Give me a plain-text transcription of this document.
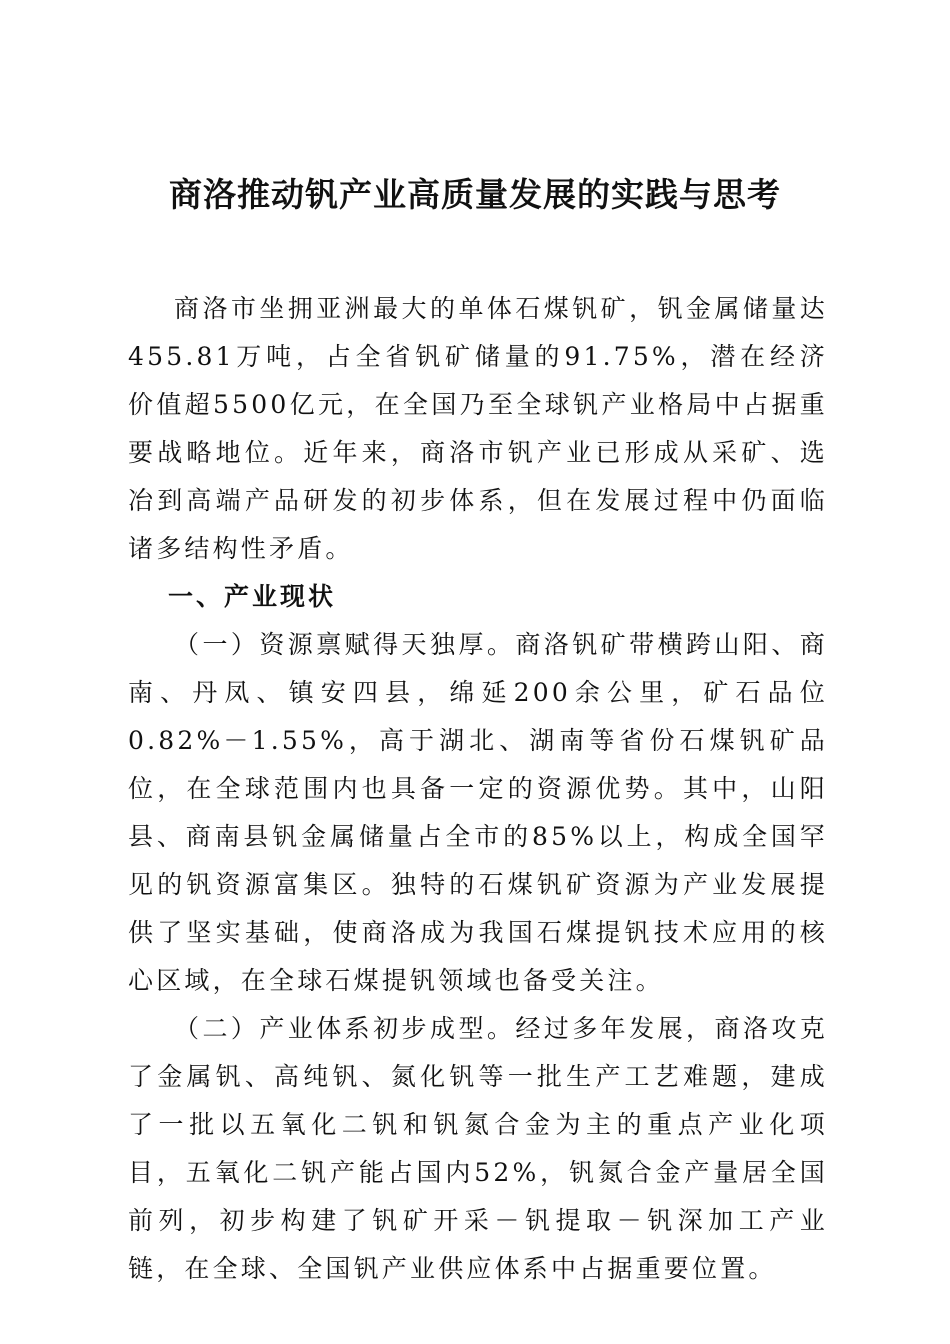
商洛推动钒产业高质量发展的实践与思考

商洛市坐拥亚洲最大的单体石煤钒矿，钒金属储量达455.81万吨，占全省钒矿储量的91.75%，潜在经济价值超5500亿元，在全国乃至全球钒产业格局中占据重要战略地位。近年来，商洛市钒产业已形成从采矿、选冶到高端产品研发的初步体系，但在发展过程中仍面临诸多结构性矛盾。

一、产业现状

（一）资源禀赋得天独厚。商洛钒矿带横跨山阳、商南、丹凤、镇安四县，绵延200余公里，矿石品位0.82%－1.55%，高于湖北、湖南等省份石煤钒矿品位，在全球范围内也具备一定的资源优势。其中，山阳县、商南县钒金属储量占全市的85%以上，构成全国罕见的钒资源富集区。独特的石煤钒矿资源为产业发展提供了坚实基础，使商洛成为我国石煤提钒技术应用的核心区域，在全球石煤提钒领域也备受关注。

（二）产业体系初步成型。经过多年发展，商洛攻克了金属钒、高纯钒、氮化钒等一批生产工艺难题，建成了一批以五氧化二钒和钒氮合金为主的重点产业化项目，五氧化二钒产能占国内52%，钒氮合金产量居全国前列，初步构建了钒矿开采－钒提取－钒深加工产业链，在全球、全国钒产业供应体系中占据重要位置。
